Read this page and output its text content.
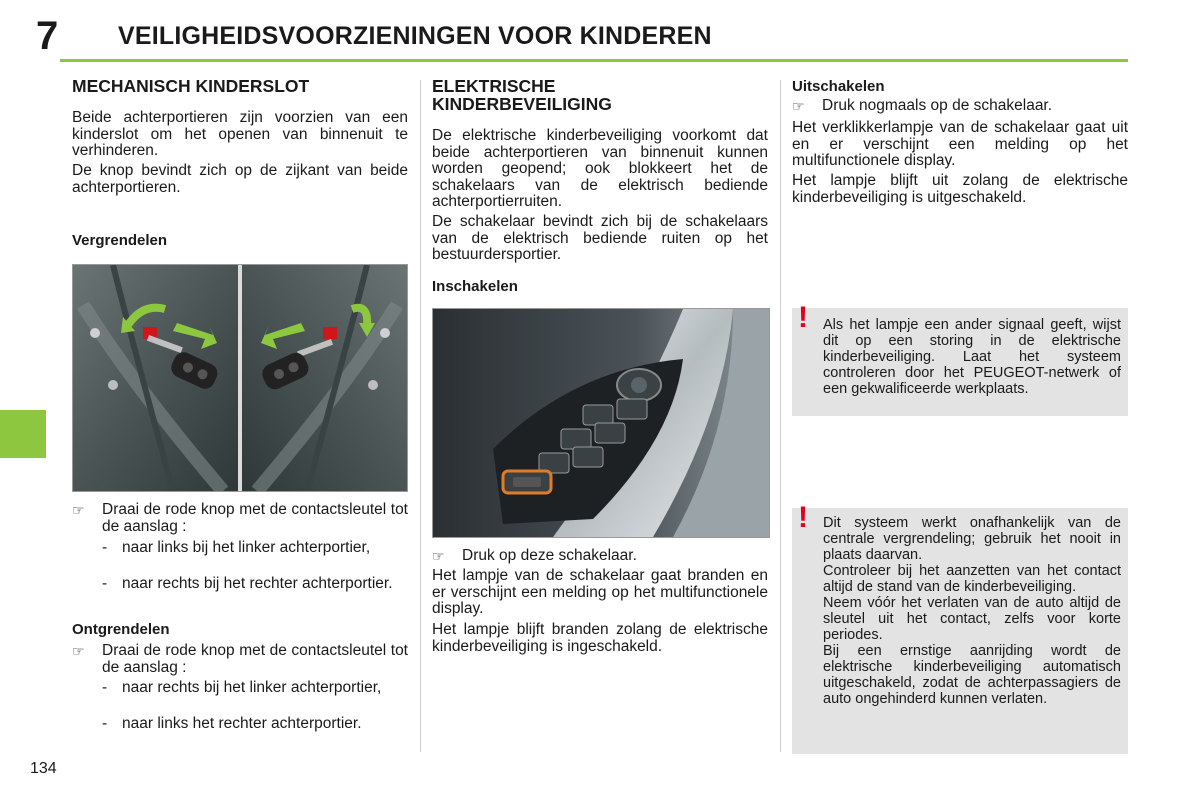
7 VEILIGHEIDSVOORZIENINGEN VOOR KINDEREN
134
MECHANISCH KINDERSLOT

Beide achterportieren zijn voorzien van een kinderslot om het openen van binnenuit te verhinderen.

De knop bevindt zich op de zijkant van beide achterportieren.

Vergrendelen
☞	Draai de rode knop met de contactsleutel tot de aanslag :
- naar links bij het linker achterportier,
- naar rechts bij het rechter achterportier.
Ontgrendelen
☞	Draai de rode knop met de contactsleutel tot de aanslag :
- naar rechts bij het linker achterportier,
- naar links het rechter achterportier.
ELEKTRISCHE
KINDERBEVEILIGING

De elektrische kinderbeveiliging voorkomt dat beide achterportieren van binnenuit kunnen worden geopend; ook blokkeert het de schakelaars van de elektrisch bediende achterportierruiten.

De schakelaar bevindt zich bij de schakelaars van de elektrisch bediende ruiten op het bestuurdersportier.

Inschakelen
☞	Druk op deze schakelaar.

Het lampje van de schakelaar gaat branden en er verschijnt een melding op het multifunctionele display.

Het lampje blijft branden zolang de elektrische kinderbeveiliging is ingeschakeld.

Uitschakelen
☞	Druk nogmaals op de schakelaar.

Het verklikkerlampje van de schakelaar gaat uit en er verschijnt een melding op het multifunctionele display.

Het lampje blijft uit zolang de elektrische kinderbeveiliging is uitgeschakeld.

! Als het lampje een ander signaal geeft, wijst dit op een storing in de elektrische kinderbeveiliging. Laat het systeem controleren door het PEUGEOT-netwerk of een gekwalificeerde werkplaats.

! Dit systeem werkt onafhankelijk van de centrale vergrendeling; gebruik het nooit in plaats daarvan.

Controleer bij het aanzetten van het contact altijd de stand van de kinderbeveiliging.

Neem vóór het verlaten van de auto altijd de sleutel uit het contact, zelfs voor korte periodes.

Bij een ernstige aanrijding wordt de elektrische kinderbeveiliging automatisch uitgeschakeld, zodat de achterpassagiers de auto ongehinderd kunnen verlaten.
